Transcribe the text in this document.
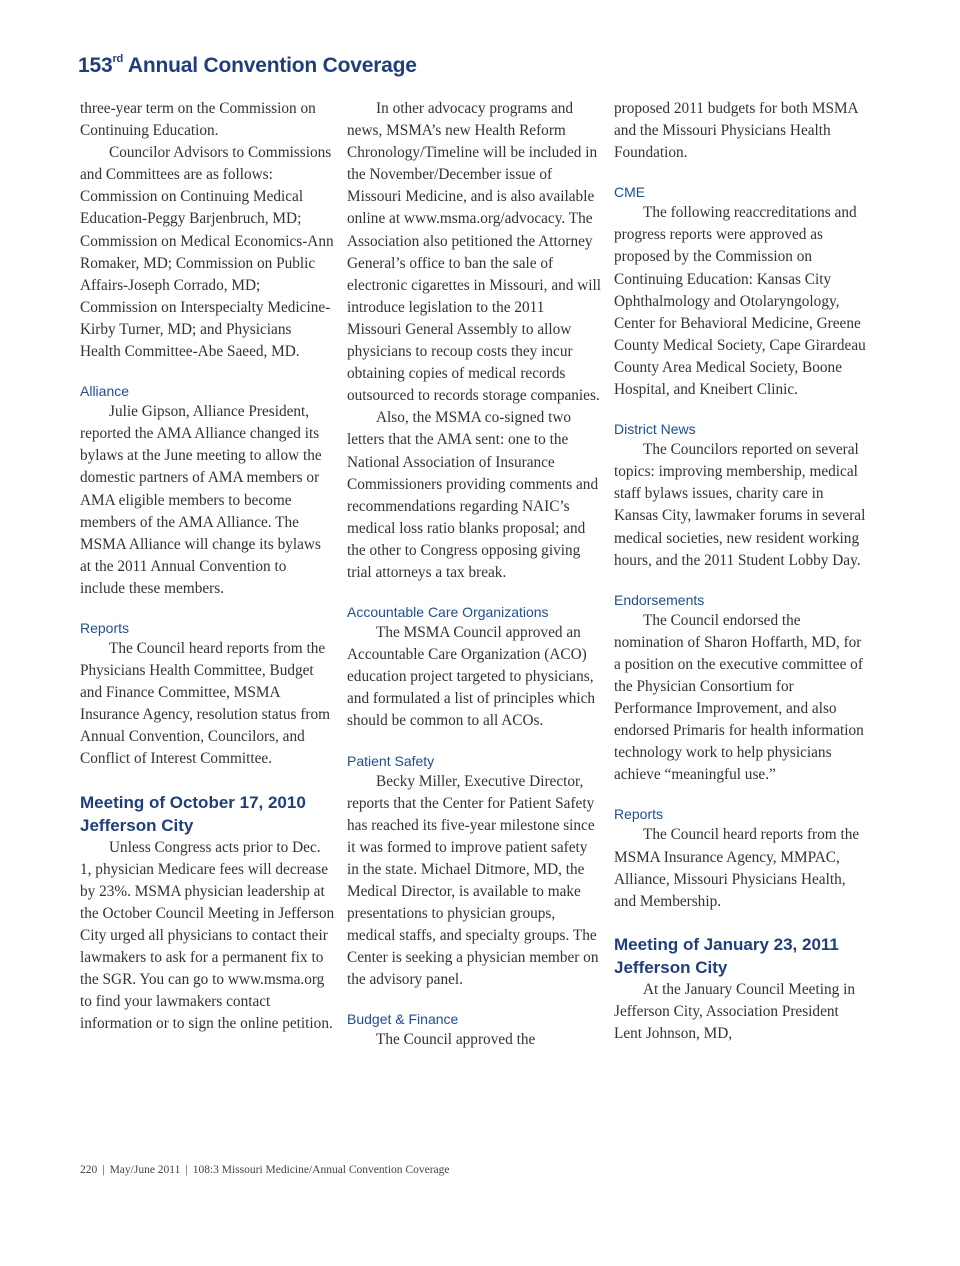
153rd Annual Convention Coverage

three-year term on the Commission on Continuing Education.

Councilor Advisors to Commissions and Committees are as follows: Commission on Continuing Medical Education-Peggy Barjenbruch, MD; Commission on Medical Economics-Ann Romaker, MD; Commission on Public Affairs-Joseph Corrado, MD; Commission on Interspecialty Medicine-Kirby Turner, MD; and Physicians Health Committee-Abe Saeed, MD.

Alliance

Julie Gipson, Alliance President, reported the AMA Alliance changed its bylaws at the June meeting to allow the domestic partners of AMA members or AMA eligible members to become members of the AMA Alliance. The MSMA Alliance will change its bylaws at the 2011 Annual Convention to include these members.

Reports

The Council heard reports from the Physicians Health Committee, Budget and Finance Committee, MSMA Insurance Agency, resolution status from Annual Convention, Councilors, and Conflict of Interest Committee.

Meeting of October 17, 2010
Jefferson City

Unless Congress acts prior to Dec. 1, physician Medicare fees will decrease by 23%. MSMA physician leadership at the October Council Meeting in Jefferson City urged all physicians to contact their lawmakers to ask for a permanent fix to the SGR. You can go to www.msma.org to find your lawmakers contact information or to sign the online petition.

In other advocacy programs and news, MSMA’s new Health Reform Chronology/Timeline will be included in the November/December issue of Missouri Medicine, and is also available online at www.msma.org/advocacy. The Association also petitioned the Attorney General’s office to ban the sale of electronic cigarettes in Missouri, and will introduce legislation to the 2011 Missouri General Assembly to allow physicians to recoup costs they incur obtaining copies of medical records outsourced to records storage companies.

Also, the MSMA co-signed two letters that the AMA sent: one to the National Association of Insurance Commissioners providing comments and recommendations regarding NAIC’s medical loss ratio blanks proposal; and the other to Congress opposing giving trial attorneys a tax break.

Accountable Care Organizations

The MSMA Council approved an Accountable Care Organization (ACO) education project targeted to physicians, and formulated a list of principles which should be common to all ACOs.

Patient Safety

Becky Miller, Executive Director, reports that the Center for Patient Safety has reached its five-year milestone since it was formed to improve patient safety in the state. Michael Ditmore, MD, the Medical Director, is available to make presentations to physician groups, medical staffs, and specialty groups. The Center is seeking a physician member on the advisory panel.

Budget & Finance

The Council approved the

proposed 2011 budgets for both MSMA and the Missouri Physicians Health Foundation.

CME

The following reaccreditations and progress reports were approved as proposed by the Commission on Continuing Education: Kansas City Ophthalmology and Otolaryngology, Center for Behavioral Medicine, Greene County Medical Society, Cape Girardeau County Area Medical Society, Boone Hospital, and Kneibert Clinic.

District News

The Councilors reported on several topics: improving membership, medical staff bylaws issues, charity care in Kansas City, lawmaker forums in several medical societies, new resident working hours, and the 2011 Student Lobby Day.

Endorsements

The Council endorsed the nomination of Sharon Hoffarth, MD, for a position on the executive committee of the Physician Consortium for Performance Improvement, and also endorsed Primaris for health information technology work to help physicians achieve “meaningful use.”

Reports

The Council heard reports from the MSMA Insurance Agency, MMPAC, Alliance, Missouri Physicians Health, and Membership.

Meeting of January 23, 2011
Jefferson City

At the January Council Meeting in Jefferson City, Association President Lent Johnson, MD,

220 | May/June 2011 | 108:3 Missouri Medicine/Annual Convention Coverage
